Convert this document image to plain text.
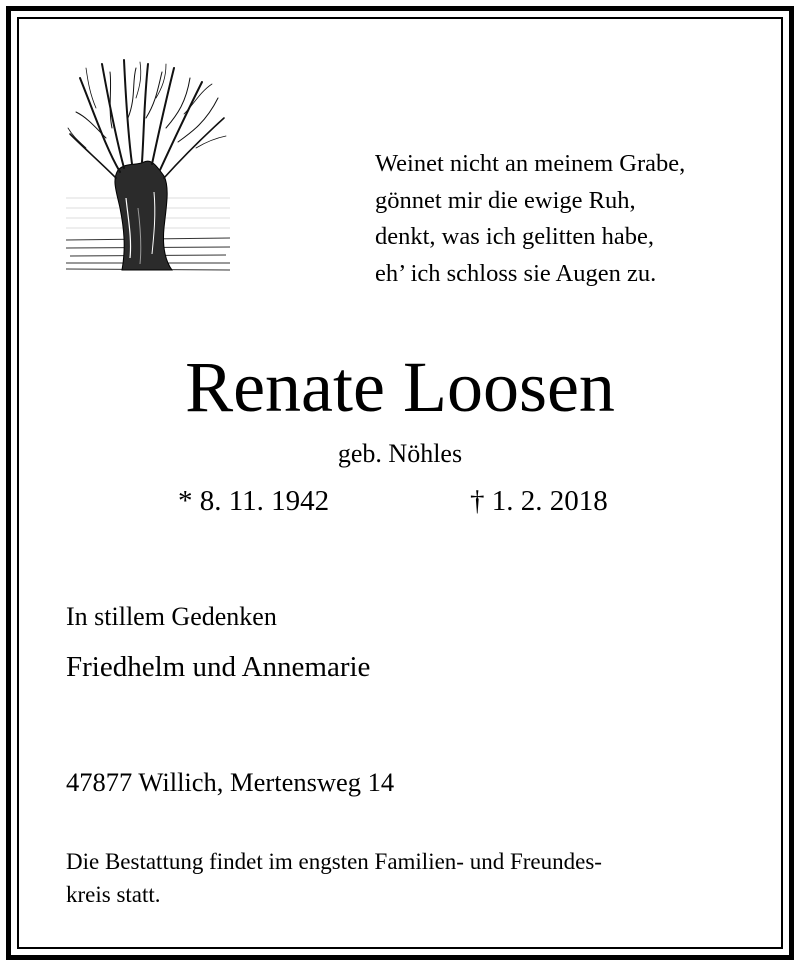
Weinet nicht an meinem Grabe,
gönnet mir die ewige Ruh,
denkt, was ich gelitten habe,
eh’ ich schloss sie Augen zu.
Renate Loosen
geb. Nöhles
* 8. 11. 1942	† 1. 2. 2018
In stillem Gedenken
Friedhelm und Annemarie
47877 Willich, Mertensweg 14
Die Bestattung findet im engsten Familien- und Freundes-
kreis statt.
